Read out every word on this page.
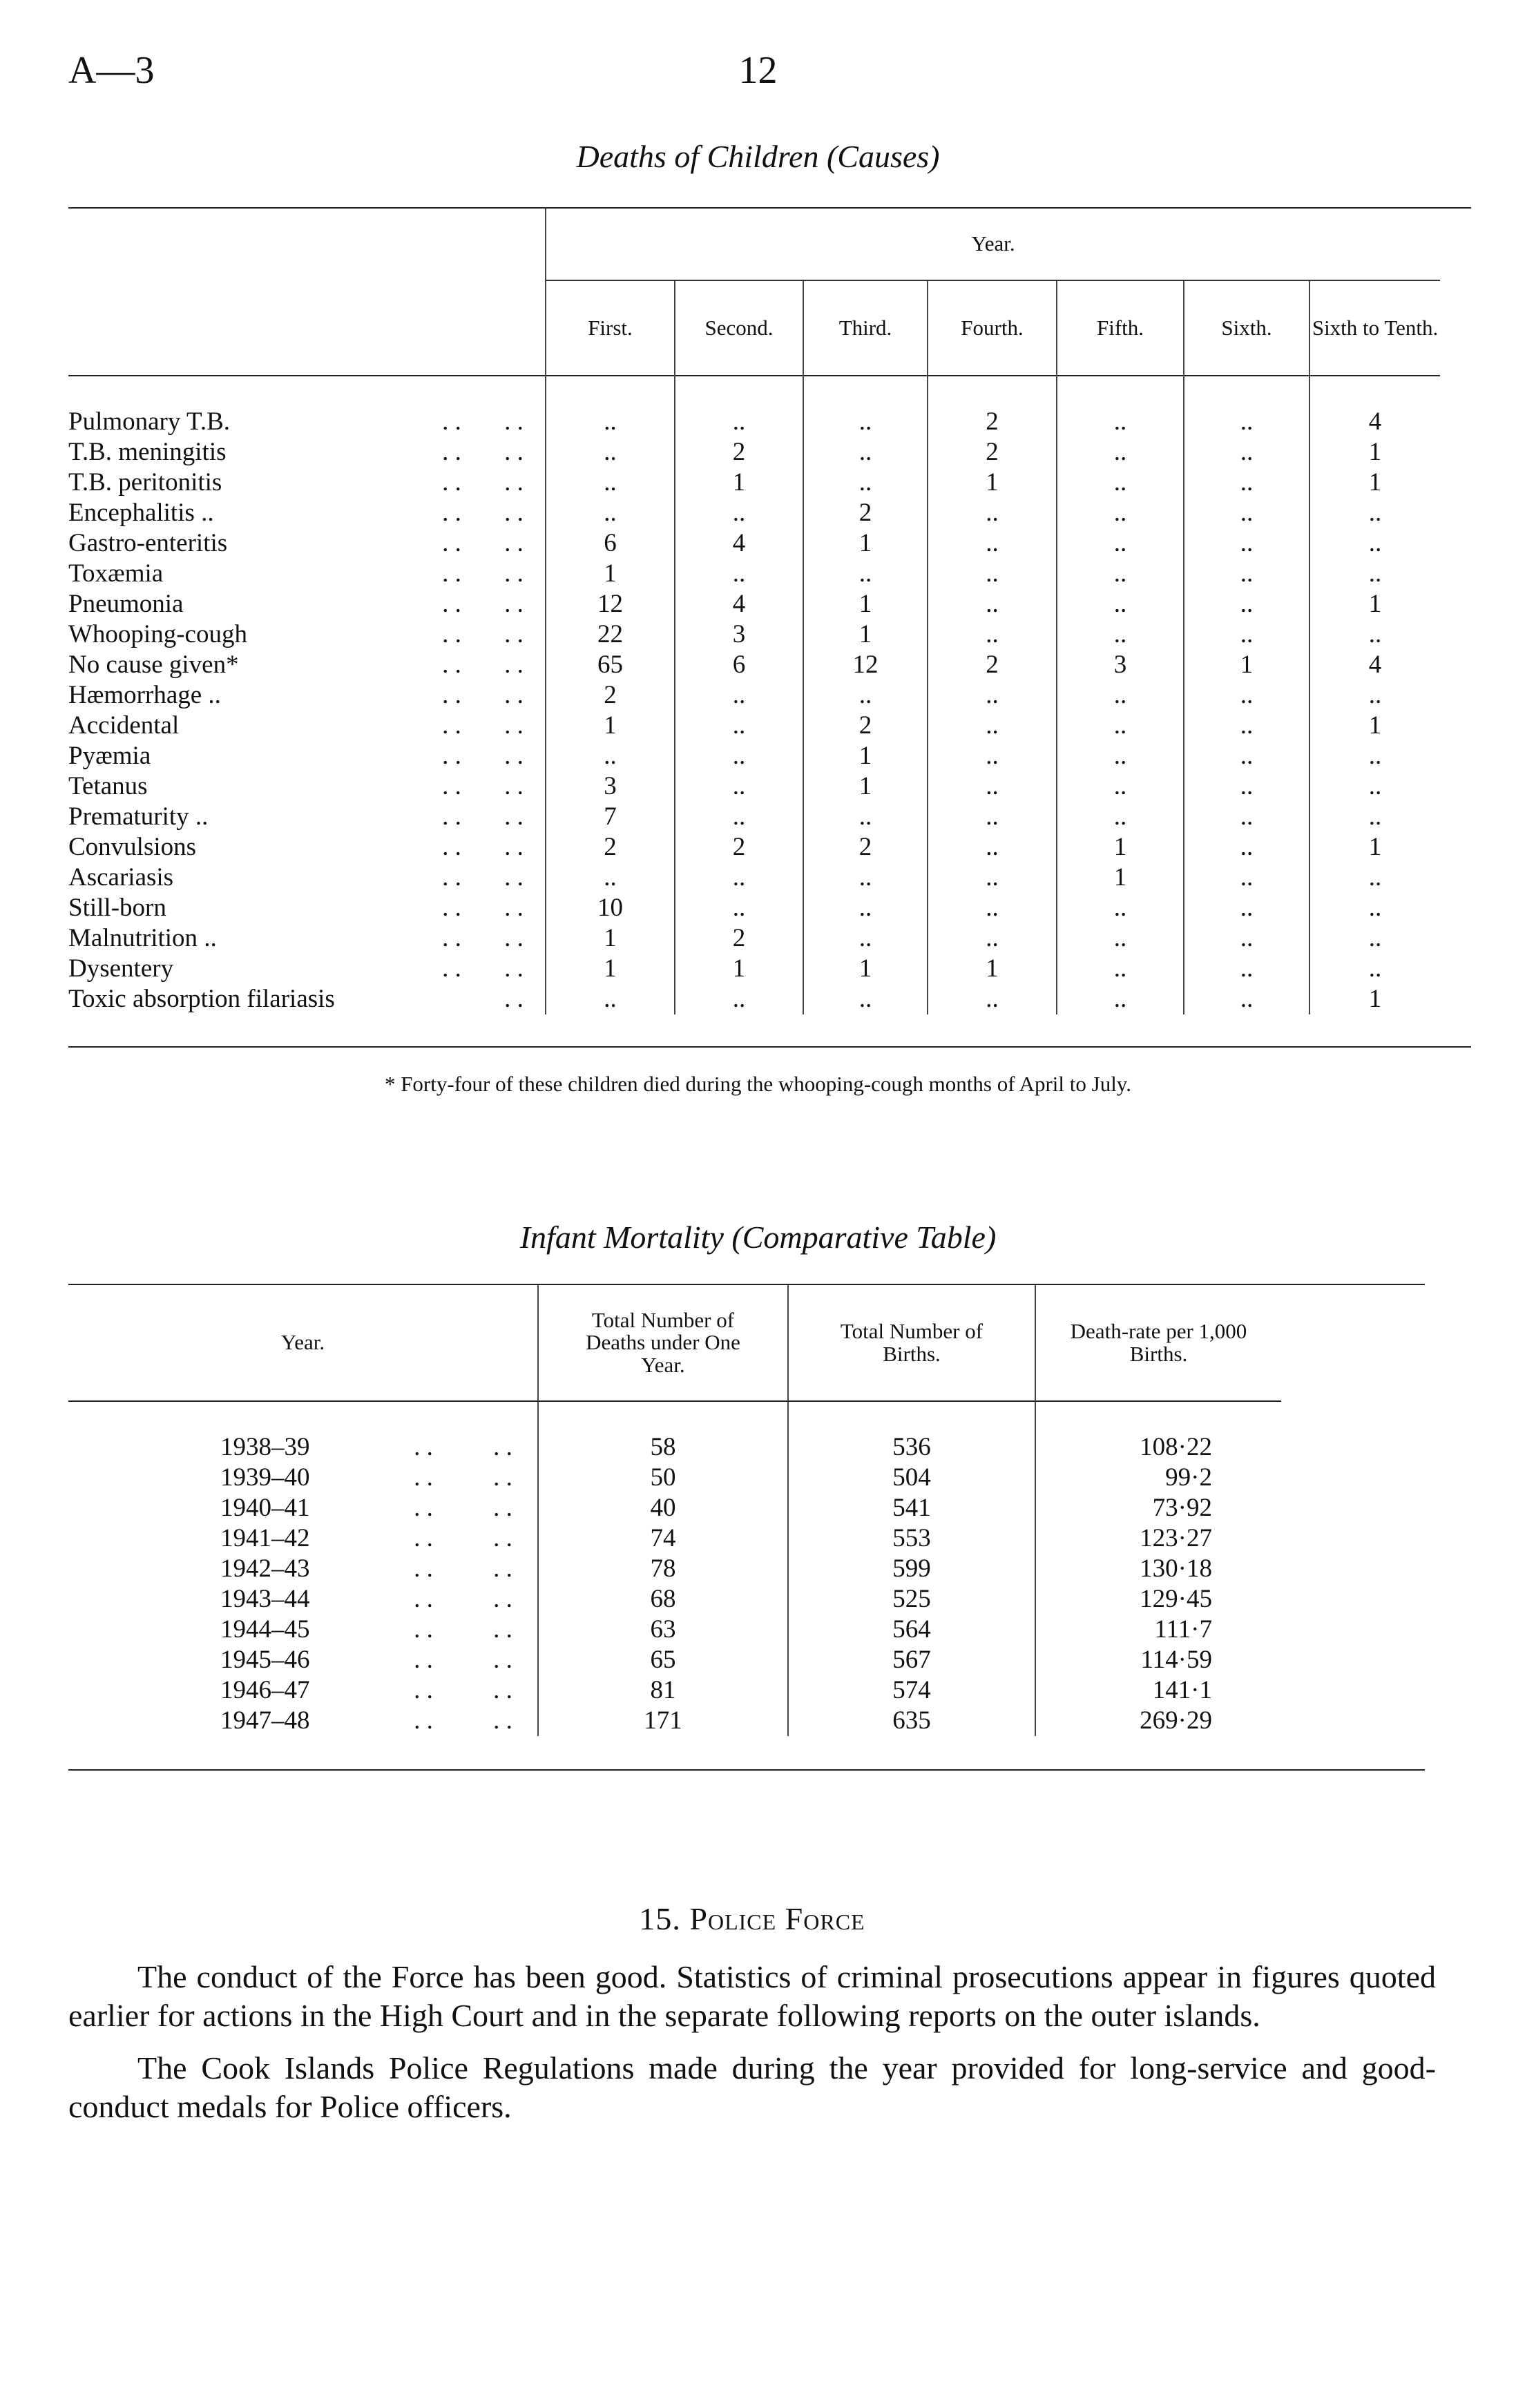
A—3	12
Deaths of Children (Causes)
	Year.						
	First.	Second.	Third.	Fourth.	Fifth.	Sixth.	Sixth to Tenth.

Pulmonary T.B. . . . .	..	..	..	2	..	..	4

T.B. meningitis . . . .	..	2	..	2	..	..	1

T.B. peritonitis . . . .	..	1	..	1	..	..	1

Encephalitis .. . . . .	..	..	2	..	..	..	..

Gastro-enteritis . . . .	6	4	1	..	..	..	..

Toxæmia . . . .	1	..	..	..	..	..	..

Pneumonia . . . .	12	4	1	..	..	..	1

Whooping-cough . . . .	22	3	1	..	..	..	..

No cause given* . . . .	65	6	12	2	3	1	4

Hæmorrhage .. . . . .	2	..	..	..	..	..	..

Accidental . . . .	1	..	2	..	..	..	1

Pyæmia . . . .	..	..	1	..	..	..	..

Tetanus . . . .	3	..	1	..	..	..	..

Prematurity .. . . . .	7	..	..	..	..	..	..

Convulsions . . . .	2	2	2	..	1	..	1

Ascariasis . . . .	..	..	..	..	1	..	..

Still-born . . . .	10	..	..	..	..	..	..

Malnutrition .. . . . .	1	2	..	..	..	..	..

Dysentery . . . .	1	1	1	1	..	..	..

Toxic absorption filariasis . .	..	..	..	..	..	..	1
* Forty-four of these children died during the whooping-cough months of April to July.
Infant Mortality (Comparative Table)
Year.	Total Number of Deaths under One Year.	Total Number of Births.	Death-rate per 1,000 Births.

1938–39 . . . .	58	536	108·22

1939–40 . . . .	50	504	99·2

1940–41 . . . .	40	541	73·92

1941–42 . . . .	74	553	123·27

1942–43 . . . .	78	599	130·18

1943–44 . . . .	68	525	129·45

1944–45 . . . .	63	564	111·7

1945–46 . . . .	65	567	114·59

1946–47 . . . .	81	574	141·1

1947–48 . . . .	171	635	269·29
15. Police Force

The conduct of the Force has been good. Statistics of criminal prosecutions appear in figures quoted earlier for actions in the High Court and in the separate following reports on the outer islands.

The Cook Islands Police Regulations made during the year provided for long-service and good-conduct medals for Police officers.
